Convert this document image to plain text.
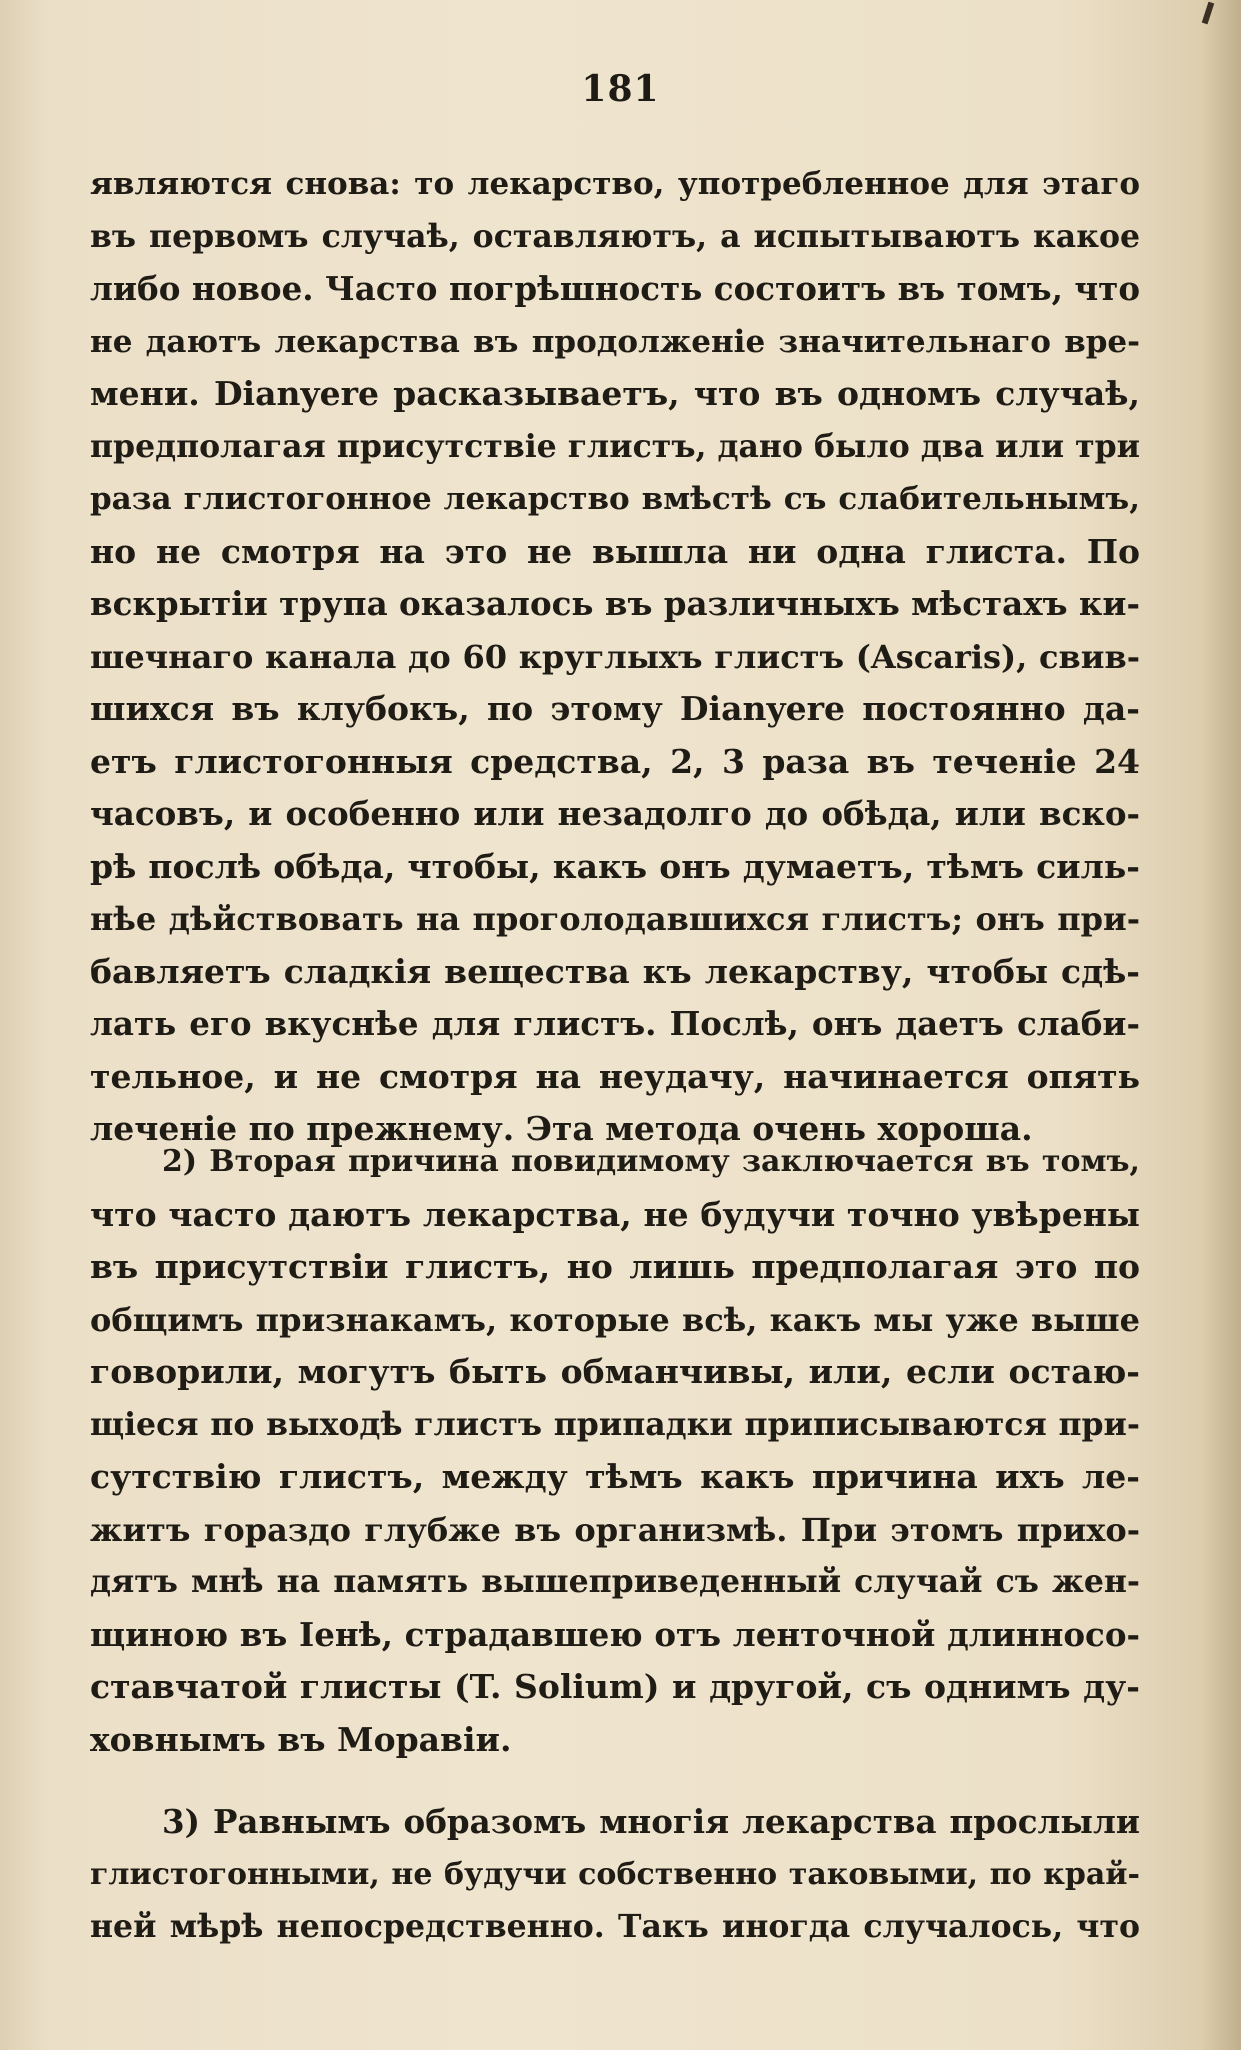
181
являются снова: то лекарство, употребленное для этаго
въ первомъ случаѣ, оставляютъ, а испытываютъ какое
либо новое. Часто погрѣшность состоитъ въ томъ, что
не даютъ лекарства въ продолженіе значительнаго вре-
мени. Dianyere расказываетъ, что въ одномъ случаѣ,
предполагая присутствіе глистъ, дано было два или три
раза глистогонное лекарство вмѣстѣ съ слабительнымъ,
но не смотря на это не вышла ни одна глиста. По
вскрытіи трупа оказалось въ различныхъ мѣстахъ ки-
шечнаго канала до 60 круглыхъ глистъ (Ascaris), свив-
шихся въ клубокъ, по этому Dianyere постоянно да-
етъ глистогонныя средства, 2, 3 раза въ теченіе 24
часовъ, и особенно или незадолго до обѣда, или вско-
рѣ послѣ обѣда, чтобы, какъ онъ думаетъ, тѣмъ силь-
нѣе дѣйствовать на проголодавшихся глистъ; онъ при-
бавляетъ сладкія вещества къ лекарству, чтобы сдѣ-
лать его вкуснѣе для глистъ. Послѣ, онъ даетъ слаби-
тельное, и не смотря на неудачу, начинается опять
леченіе по прежнему. Эта метода очень хороша.
2) Вторая причина повидимому заключается въ томъ,
что часто даютъ лекарства, не будучи точно увѣрены
въ присутствіи глистъ, но лишь предполагая это по
общимъ признакамъ, которые всѣ, какъ мы уже выше
говорили, могутъ быть обманчивы, или, если остаю-
щіеся по выходѣ глистъ припадки приписываются при-
сутствію глистъ, между тѣмъ какъ причина ихъ ле-
житъ гораздо глубже въ организмѣ. При этомъ прихо-
дятъ мнѣ на память вышеприведенный случай съ жен-
щиною въ Іенѣ, страдавшею отъ ленточной длинносо-
ставчатой глисты (T. Solium) и другой, съ однимъ ду-
ховнымъ въ Моравіи.
3) Равнымъ образомъ многія лекарства прослыли
глистогонными, не будучи собственно таковыми, по край-
ней мѣрѣ непосредственно. Такъ иногда случалось, что
